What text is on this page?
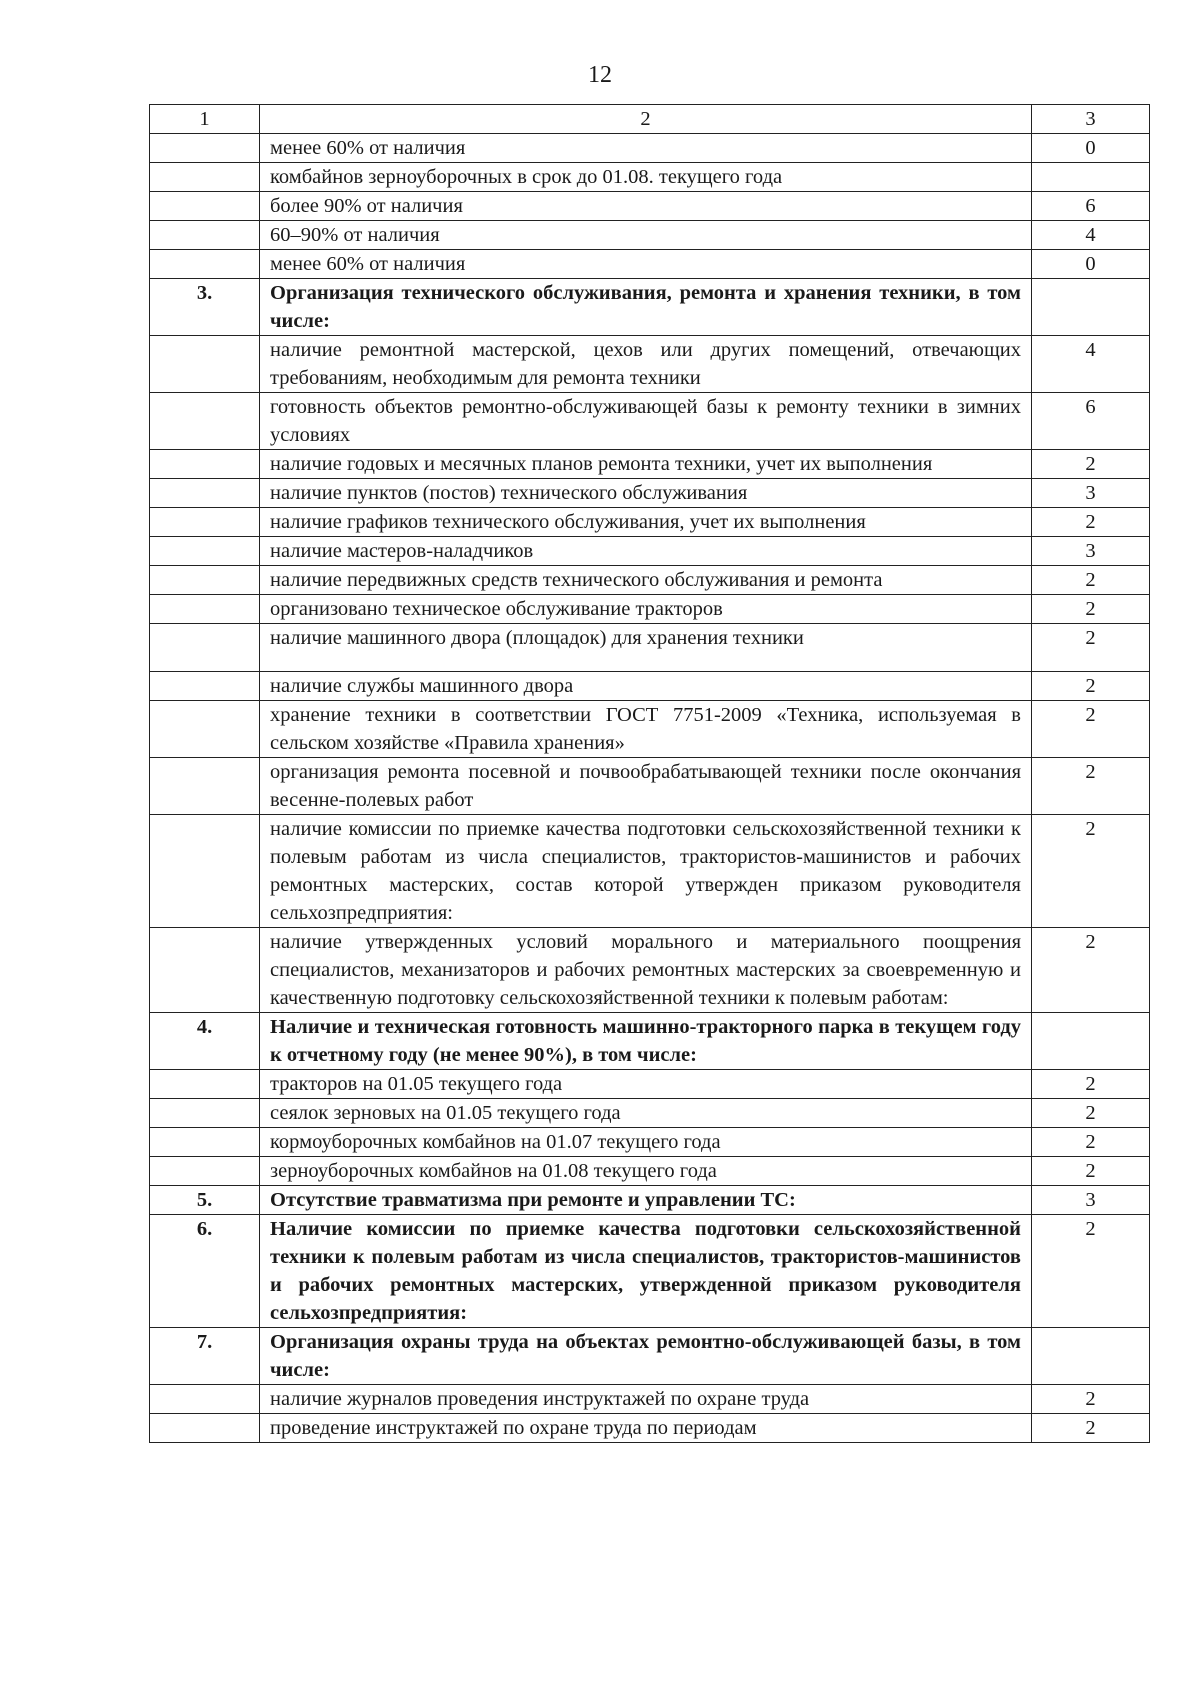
12
1	2	3
	менее 60% от наличия	0
	комбайнов зерноуборочных в срок до 01.08. текущего года	
	более 90% от наличия	6
	60–90% от наличия	4
	менее 60% от наличия	0
3.	Организация технического обслуживания, ремонта и хранения техники, в том числе:	
	наличие ремонтной мастерской, цехов или других помещений, отвечающих требованиям, необходимым для ремонта техники	4
	готовность объектов ремонтно-обслуживающей базы к ремонту техники в зимних условиях	6
	наличие годовых и месячных планов ремонта техники, учет их выполнения	2
	наличие пунктов (постов) технического обслуживания	3
	наличие графиков технического обслуживания, учет их выполнения	2
	наличие мастеров-наладчиков	3
	наличие передвижных средств технического обслуживания и ремонта	2
	организовано техническое обслуживание тракторов	2
	наличие машинного двора (площадок) для хранения техники	2
	наличие службы машинного двора	2
	хранение техники в соответствии ГОСТ 7751-2009 «Техника, используемая в сельском хозяйстве «Правила хранения»	2
	организация ремонта посевной и почвообрабатывающей техники после окончания весенне-полевых работ	2
	наличие комиссии по приемке качества подготовки сельскохозяйственной техники к полевым работам из числа специалистов, трактористов-машинистов и рабочих ремонтных мастерских, состав которой утвержден приказом руководителя сельхозпредприятия:	2
	наличие утвержденных условий морального и материального поощрения специалистов, механизаторов и рабочих ремонтных мастерских за своевременную и качественную подготовку сельскохозяйственной техники к полевым работам:	2
4.	Наличие и техническая готовность машинно-тракторного парка в текущем году к отчетному году (не менее 90%), в том числе:	
	тракторов на 01.05 текущего года	2
	сеялок зерновых на 01.05 текущего года	2
	кормоуборочных комбайнов на 01.07 текущего года	2
	зерноуборочных комбайнов на 01.08 текущего года	2
5.	Отсутствие травматизма при ремонте и управлении ТС:	3
6.	Наличие комиссии по приемке качества подготовки сельскохозяйственной техники к полевым работам из числа специалистов, трактористов-машинистов и рабочих ремонтных мастерских, утвержденной приказом руководителя сельхозпредприятия:	2
7.	Организация охраны труда на объектах ремонтно-обслуживающей базы, в том числе:	
	наличие журналов проведения инструктажей по охране труда	2
	проведение инструктажей по охране труда по периодам	2
